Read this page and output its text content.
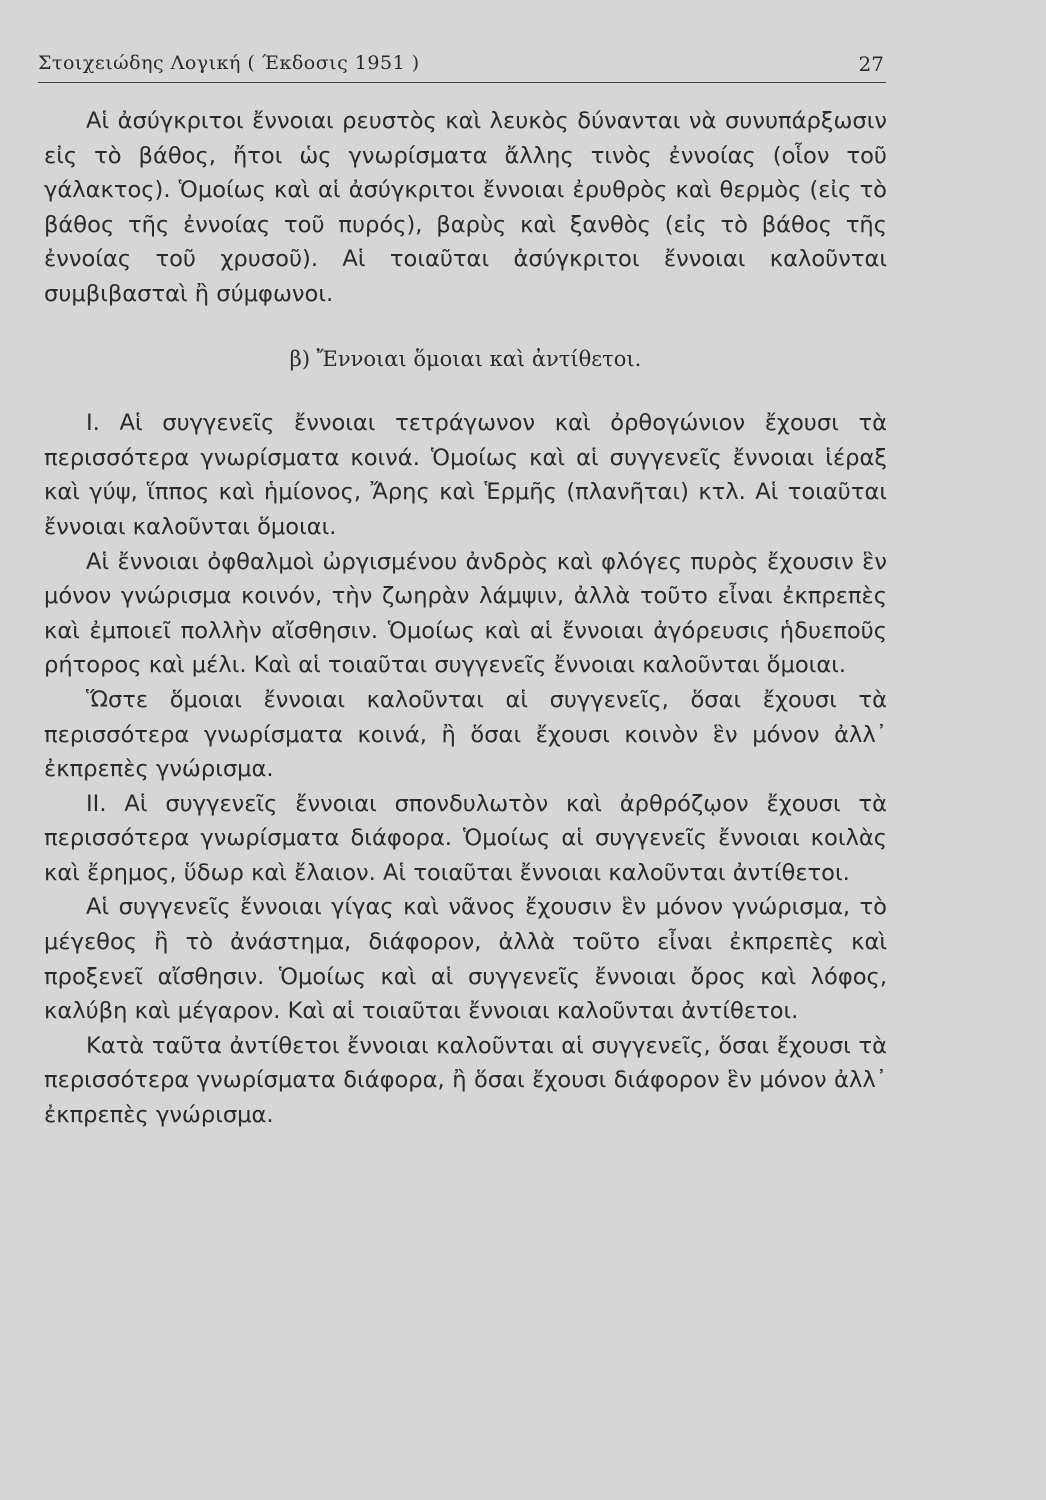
Στοιχειώδης Λογική ( Έκδοσις 1951 )	27

Αἱ ἀσύγκριτοι ἔννοιαι ρευστὸς καὶ λευκὸς δύνανται νὰ συνυπάρξωσιν εἰς τὸ βάθος, ἤτοι ὡς γνωρίσματα ἄλλης τινὸς ἐννοίας (οἷον τοῦ γάλακτος). Ὁμοίως καὶ αἱ ἀσύγκριτοι ἔννοιαι ἐρυθρὸς καὶ θερμὸς (εἰς τὸ βάθος τῆς ἐννοίας τοῦ πυρός), βαρὺς καὶ ξανθὸς (εἰς τὸ βάθος τῆς ἐννοίας τοῦ χρυσοῦ). Αἱ τοιαῦται ἀσύγκριτοι ἔννοιαι καλοῦνται συμβιβασταὶ ἢ σύμφωνοι.

β) Ἔννοιαι ὅμοιαι καὶ ἀντίθετοι.

I. Αἱ συγγενεῖς ἔννοιαι τετράγωνον καὶ ὀρθογώνιον ἔχουσι τὰ περισσότερα γνωρίσματα κοινά. Ὁμοίως καὶ αἱ συγγενεῖς ἔννοιαι ἱέραξ καὶ γύψ, ἵππος καὶ ἡμίονος, Ἄρης καὶ Ἑρμῆς (πλανῆται) κτλ. Αἱ τοιαῦται ἔννοιαι καλοῦνται ὅμοιαι.

Αἱ ἔννοιαι ὀφθαλμοὶ ὠργισμένου ἀνδρὸς καὶ φλόγες πυρὸς ἔχουσιν ἓν μόνον γνώρισμα κοινόν, τὴν ζωηρὰν λάμψιν, ἀλλὰ τοῦτο εἶναι ἐκπρεπὲς καὶ ἐμποιεῖ πολλὴν αἴσθησιν. Ὁμοίως καὶ αἱ ἔννοιαι ἀγόρευσις ἡδυεποῦς ρήτορος καὶ μέλι. Καὶ αἱ τοιαῦται συγγενεῖς ἔννοιαι καλοῦνται ὅμοιαι.

Ὥστε ὅμοιαι ἔννοιαι καλοῦνται αἱ συγγενεῖς, ὅσαι ἔχουσι τὰ περισσότερα γνωρίσματα κοινά, ἢ ὅσαι ἔχουσι κοινὸν ἓν μόνον ἀλλ᾽ ἐκπρεπὲς γνώρισμα.

II. Αἱ συγγενεῖς ἔννοιαι σπονδυλωτὸν καὶ ἀρθρόζῳον ἔχουσι τὰ περισσότερα γνωρίσματα διάφορα. Ὁμοίως αἱ συγγενεῖς ἔννοιαι κοιλὰς καὶ ἔρημος, ὕδωρ καὶ ἔλαιον. Αἱ τοιαῦται ἔννοιαι καλοῦνται ἀντίθετοι.

Αἱ συγγενεῖς ἔννοιαι γίγας καὶ νᾶνος ἔχουσιν ἓν μόνον γνώρισμα, τὸ μέγεθος ἢ τὸ ἀνάστημα, διάφορον, ἀλλὰ τοῦτο εἶναι ἐκπρεπὲς καὶ προξενεῖ αἴσθησιν. Ὁμοίως καὶ αἱ συγγενεῖς ἔννοιαι ὄρος καὶ λόφος, καλύβη καὶ μέγαρον. Καὶ αἱ τοιαῦται ἔννοιαι καλοῦνται ἀντίθετοι.

Κατὰ ταῦτα ἀντίθετοι ἔννοιαι καλοῦνται αἱ συγγενεῖς, ὅσαι ἔχουσι τὰ περισσότερα γνωρίσματα διάφορα, ἢ ὅσαι ἔχουσι διάφορον ἓν μόνον ἀλλ᾽ ἐκπρεπὲς γνώρισμα.
